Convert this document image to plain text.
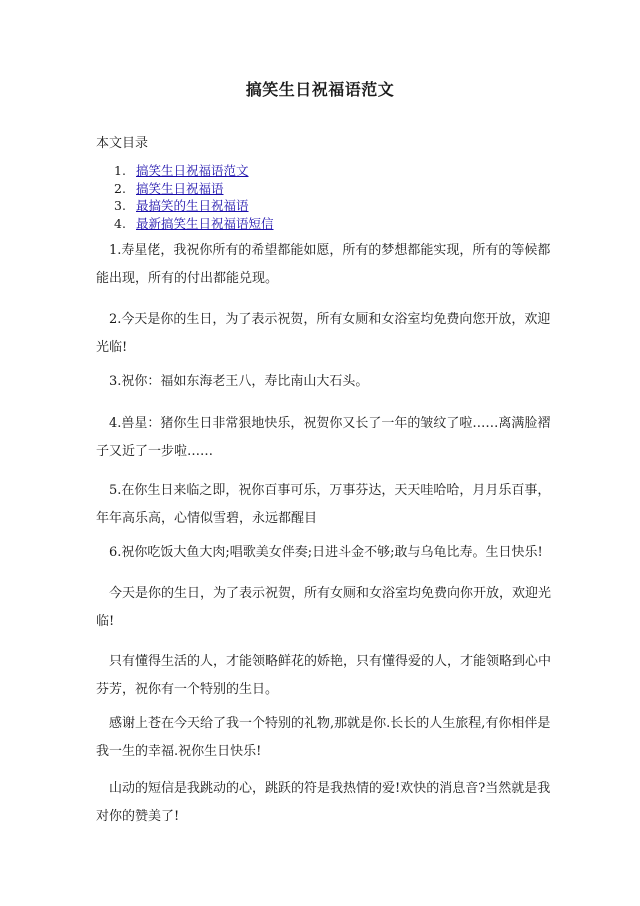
搞笑生日祝福语范文

本文目录

1. 搞笑生日祝福语范文
2. 搞笑生日祝福语
3. 最搞笑的生日祝福语
4. 最新搞笑生日祝福语短信

1.寿星佬，我祝你所有的希望都能如愿，所有的梦想都能实现，所有的等候都能出现，所有的付出都能兑现。

2.今天是你的生日，为了表示祝贺，所有女厕和女浴室均免费向您开放，欢迎光临!

3.祝你：福如东海老王八，寿比南山大石头。

4.兽星：猪你生日非常狠地快乐，祝贺你又长了一年的皱纹了啦……离满脸褶子又近了一步啦……

5.在你生日来临之即，祝你百事可乐，万事芬达，天天哇哈哈，月月乐百事，年年高乐高，心情似雪碧，永远都醒目

6.祝你吃饭大鱼大肉;唱歌美女伴奏;日进斗金不够;敢与乌龟比寿。生日快乐!

今天是你的生日，为了表示祝贺，所有女厕和女浴室均免费向你开放，欢迎光临!

只有懂得生活的人，才能领略鲜花的娇艳，只有懂得爱的人，才能领略到心中芬芳，祝你有一个特别的生日。

感谢上苍在今天给了我一个特别的礼物,那就是你.长长的人生旅程,有你相伴是我一生的幸福.祝你生日快乐!

山动的短信是我跳动的心，跳跃的符是我热情的爱!欢快的消息音?当然就是我对你的赞美了!
